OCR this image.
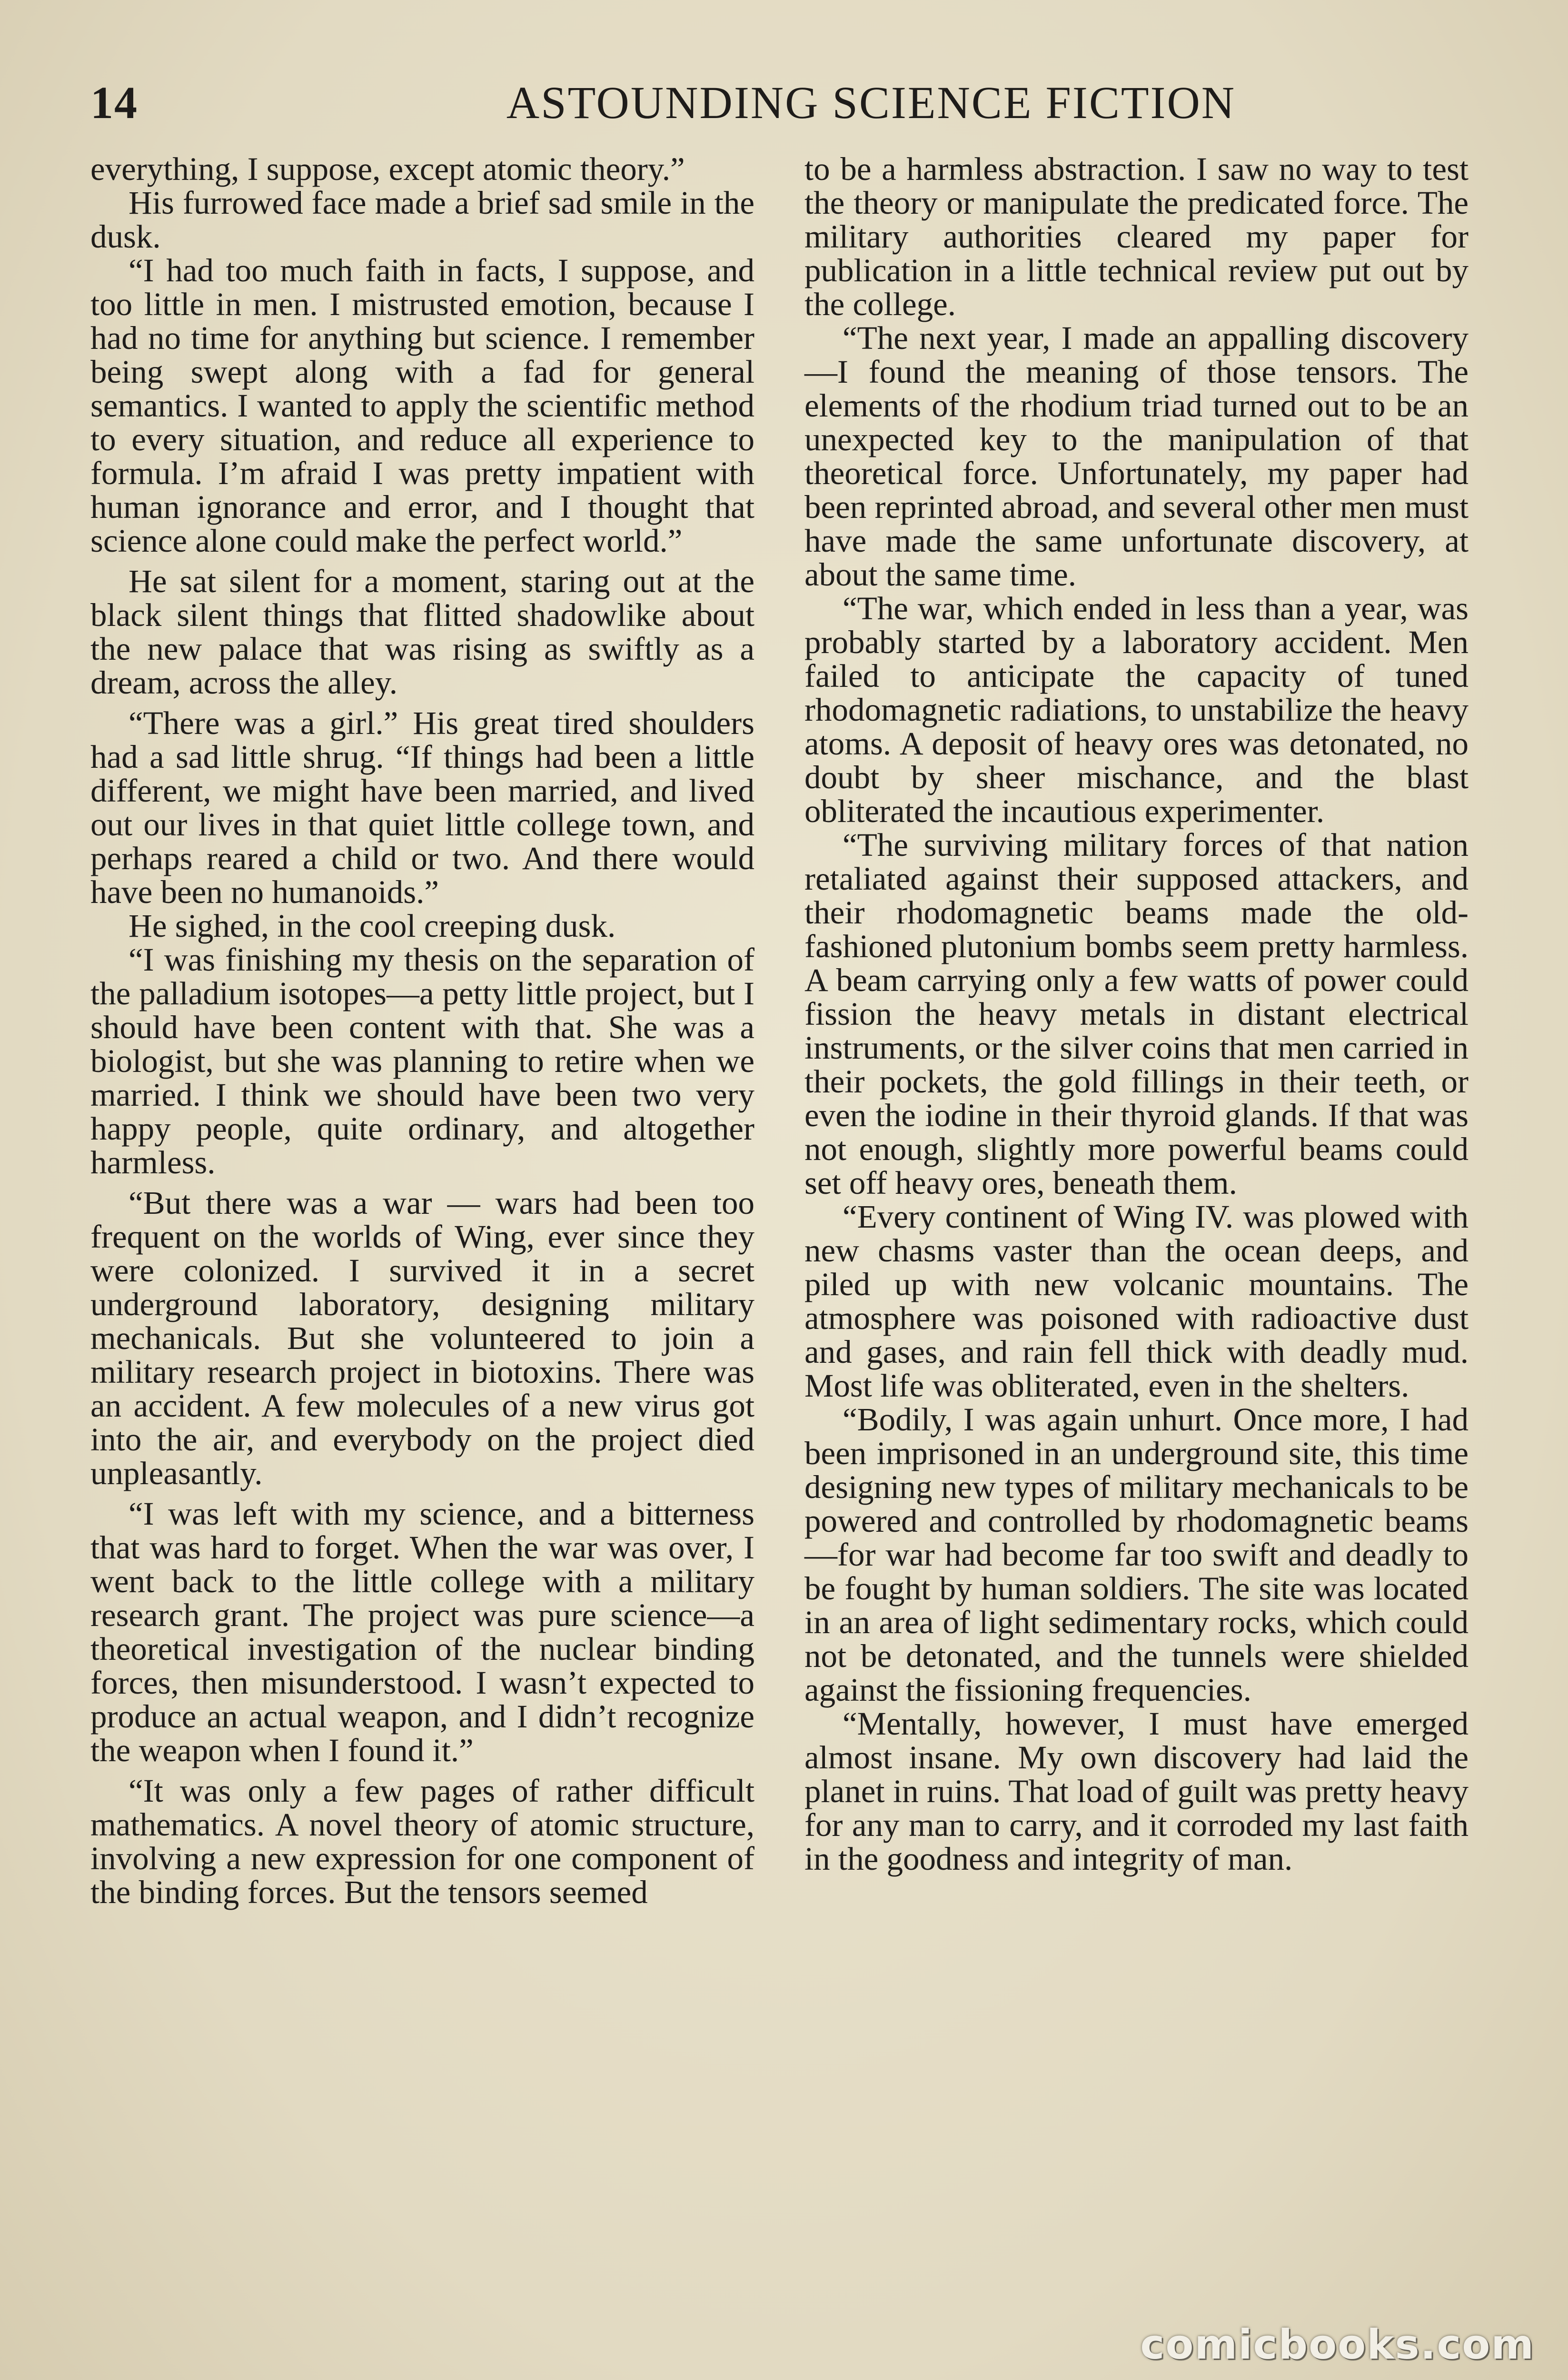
14	ASTOUNDING SCIENCE FICTION

everything, I suppose, except atomic theory.”

His furrowed face made a brief sad smile in the dusk.

“I had too much faith in facts, I suppose, and too little in men. I mistrusted emotion, because I had no time for anything but science. I remember being swept along with a fad for general semantics. I wanted to apply the scientific method to every situation, and reduce all experience to formula. I’m afraid I was pretty impatient with human ignorance and error, and I thought that science alone could make the perfect world.”

He sat silent for a moment, staring out at the black silent things that flitted shadowlike about the new palace that was rising as swiftly as a dream, across the alley.

“There was a girl.” His great tired shoulders had a sad little shrug. “If things had been a little different, we might have been married, and lived out our lives in that quiet little college town, and perhaps reared a child or two. And there would have been no humanoids.”

He sighed, in the cool creeping dusk.

“I was finishing my thesis on the separation of the palladium isotopes—a petty little project, but I should have been content with that. She was a biologist, but she was planning to retire when we married. I think we should have been two very happy people, quite ordinary, and altogether harmless.

“But there was a war — wars had been too frequent on the worlds of Wing, ever since they were colonized. I survived it in a secret underground laboratory, designing military mechanicals. But she volunteered to join a military research project in biotoxins. There was an accident. A few molecules of a new virus got into the air, and everybody on the project died unpleasantly.

“I was left with my science, and a bitterness that was hard to forget. When the war was over, I went back to the little college with a military research grant. The project was pure science—a theoretical investigation of the nuclear binding forces, then misunderstood. I wasn’t expected to produce an actual weapon, and I didn’t recognize the weapon when I found it.”

“It was only a few pages of rather difficult mathematics. A novel theory of atomic structure, involving a new expression for one component of the binding forces. But the tensors seemed

to be a harmless abstraction. I saw no way to test the theory or manipulate the predicated force. The military authorities cleared my paper for publication in a little technical review put out by the college.

“The next year, I made an appalling discovery—I found the meaning of those tensors. The elements of the rhodium triad turned out to be an unexpected key to the manipulation of that theoretical force. Unfortunately, my paper had been reprinted abroad, and several other men must have made the same unfortunate discovery, at about the same time.

“The war, which ended in less than a year, was probably started by a laboratory accident. Men failed to anticipate the capacity of tuned rhodomagnetic radiations, to unstabilize the heavy atoms. A deposit of heavy ores was detonated, no doubt by sheer mischance, and the blast obliterated the incautious experimenter.

“The surviving military forces of that nation retaliated against their supposed attackers, and their rhodomagnetic beams made the old-fashioned plutonium bombs seem pretty harmless. A beam carrying only a few watts of power could fission the heavy metals in distant electrical instruments, or the silver coins that men carried in their pockets, the gold fillings in their teeth, or even the iodine in their thyroid glands. If that was not enough, slightly more powerful beams could set off heavy ores, beneath them.

“Every continent of Wing IV. was plowed with new chasms vaster than the ocean deeps, and piled up with new volcanic mountains. The atmosphere was poisoned with radioactive dust and gases, and rain fell thick with deadly mud. Most life was obliterated, even in the shelters.

“Bodily, I was again unhurt. Once more, I had been imprisoned in an underground site, this time designing new types of military mechanicals to be powered and controlled by rhodomagnetic beams —for war had become far too swift and deadly to be fought by human soldiers. The site was located in an area of light sedimentary rocks, which could not be detonated, and the tunnels were shielded against the fissioning frequencies.

“Mentally, however, I must have emerged almost insane. My own discovery had laid the planet in ruins. That load of guilt was pretty heavy for any man to carry, and it corroded my last faith in the goodness and integrity of man.

comicbooks.com
